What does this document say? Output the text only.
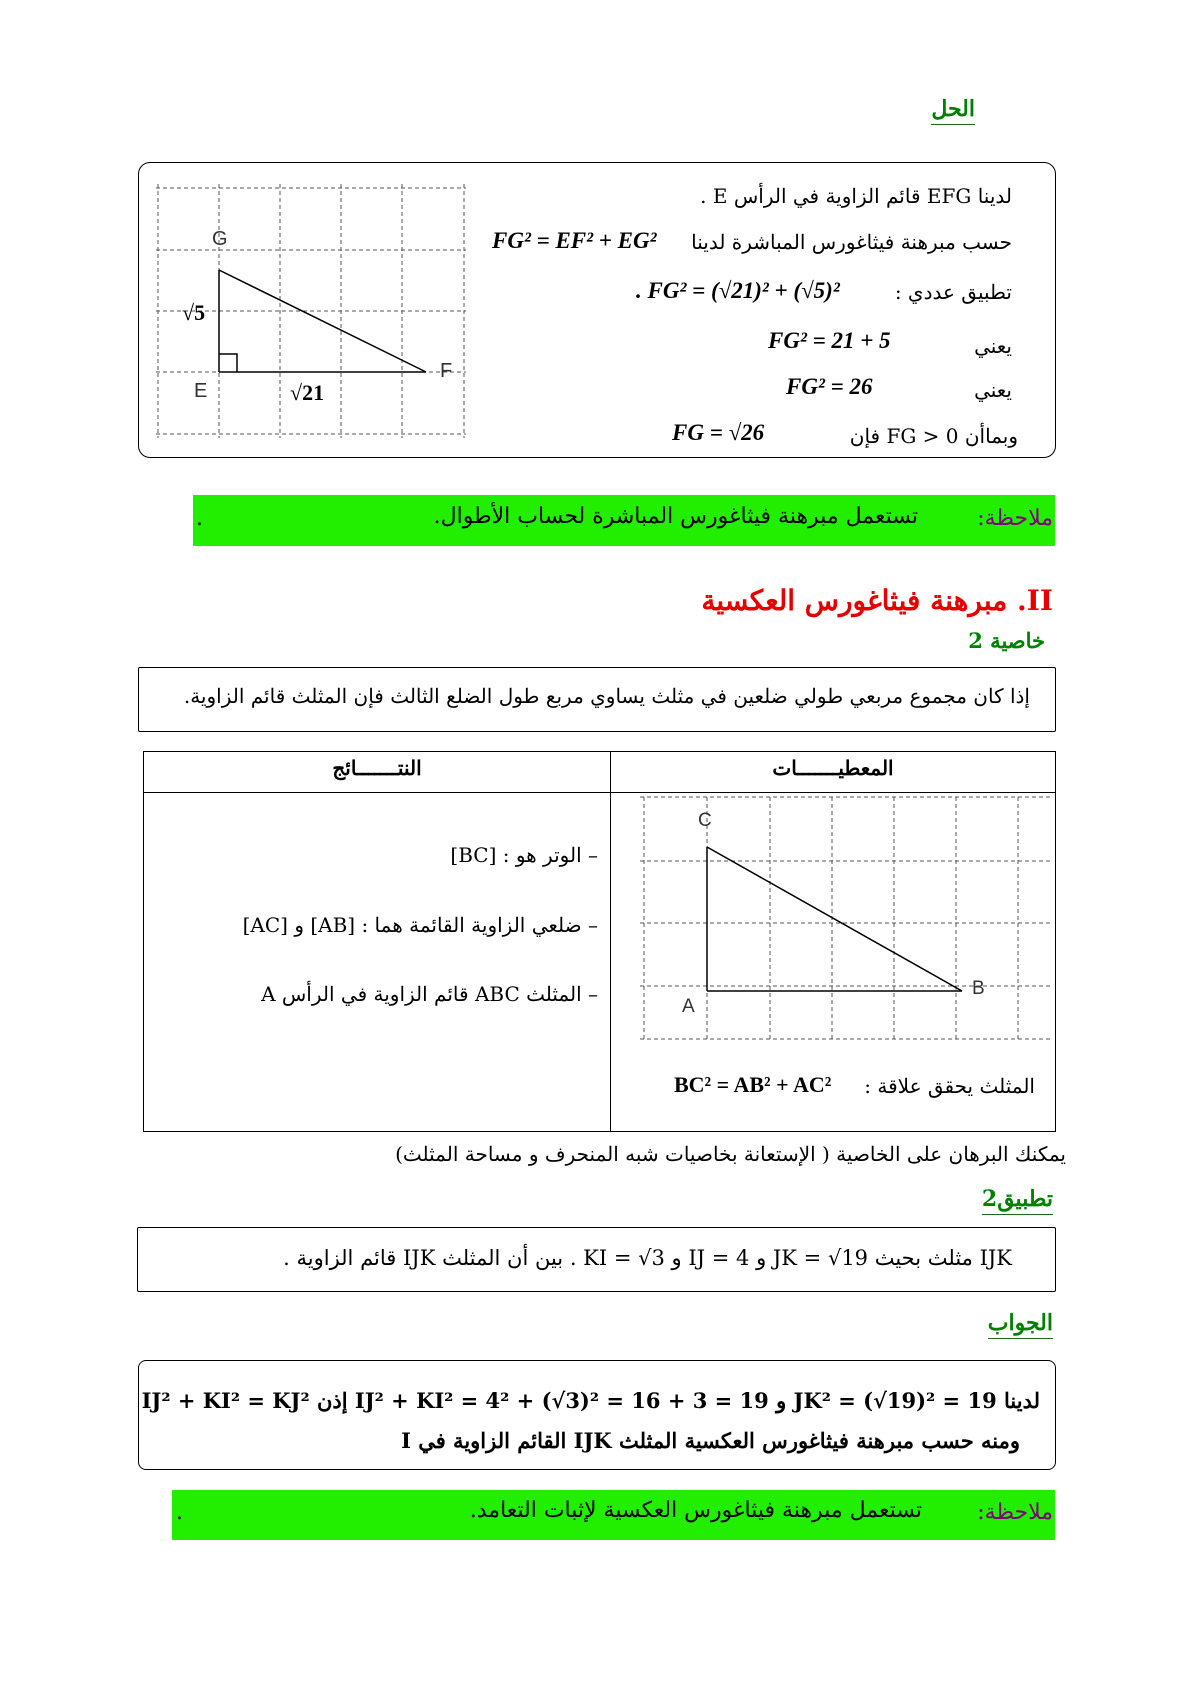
الحل
G
E
F
√5
√21
لدينا EFG قائم الزاوية في الرأس E .
حسب مبرهنة فيثاغورس المباشرة لدينا
FG² = EF² + EG²
تطبيق عددي :
. FG² = (√21)² + (√5)²
يعني
FG² = 21 + 5
يعني
FG² = 26
وبماأن FG > 0 فإن
FG = √26
ملاحظة:
تستعمل مبرهنة فيثاغورس المباشرة لحساب الأطوال.
.
II. مبرهنة فيثاغورس العكسية
خاصية 2
إذا كان مجموع مربعي طولي ضلعين في مثلث يساوي مربع طول الضلع الثالث فإن المثلث قائم الزاوية.
المعطيـــــــات
النتـــــــائج
– الوتر هو : [BC]
– ضلعي الزاوية القائمة هما : [AB] و [AC]
– المثلث ABC قائم الزاوية في الرأس A
C
A
B
المثلث يحقق علاقة :
BC² = AB² + AC²
يمكنك البرهان على الخاصية ( الإستعانة بخاصيات شبه المنحرف و مساحة المثلث)
تطبيق2
IJK مثلث بحيث JK = √19 و IJ = 4 و KI = √3 . بين أن المثلث IJK قائم الزاوية .
الجواب
لدينا JK² = (√19)² = 19 و IJ² + KI² = 4² + (√3)² = 16 + 3 = 19 إذن IJ² + KI² = KJ²
ومنه حسب مبرهنة فيثاغورس العكسية المثلث IJK القائم الزاوية في I
ملاحظة:
تستعمل مبرهنة فيثاغورس العكسية لإثبات التعامد.
.
